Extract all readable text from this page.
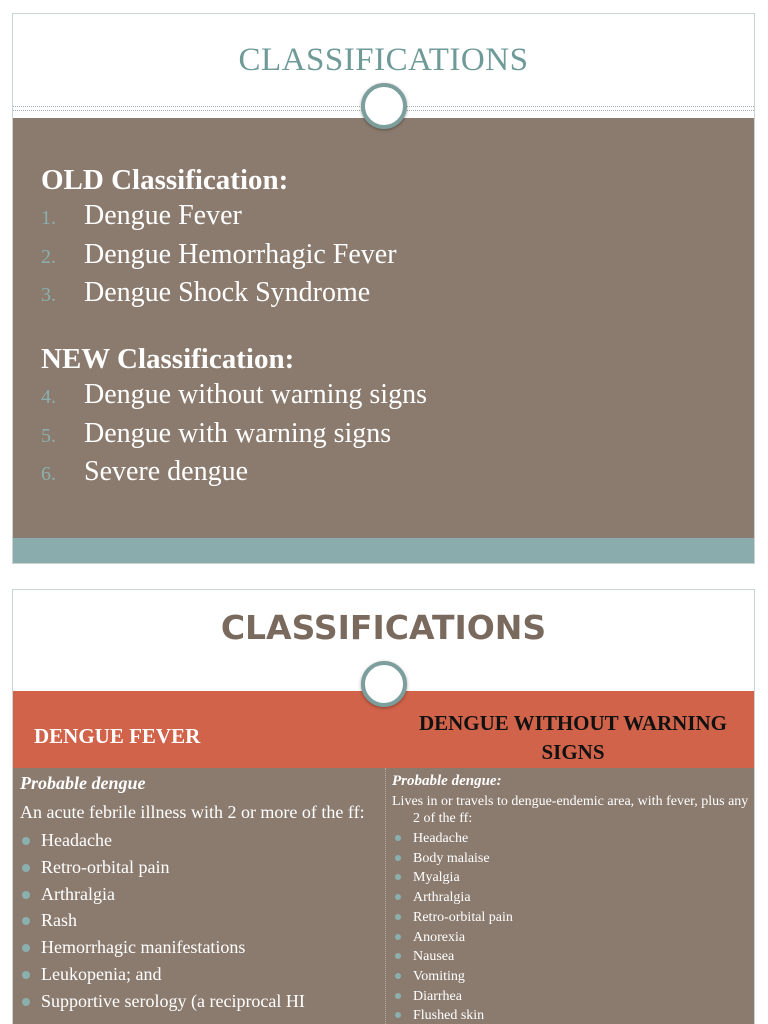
CLASSIFICATIONS
OLD Classification:
1.	Dengue Fever
2.	Dengue Hemorrhagic Fever
3.	Dengue Shock Syndrome
NEW Classification:
4.	Dengue without warning signs
5.	Dengue with warning signs
6.	Severe dengue
CLASSIFICATIONS
DENGUE FEVER
DENGUE WITHOUT WARNING SIGNS
Probable dengue
An acute febrile illness with 2 or more of the ff:
Headache
Retro-orbital pain
Arthralgia
Rash
Hemorrhagic manifestations
Leukopenia; and
Supportive serology (a reciprocal HI
Probable dengue:
Lives in or travels to dengue-endemic area, with fever, plus any 2 of the ff:
Headache
Body malaise
Myalgia
Arthralgia
Retro-orbital pain
Anorexia
Nausea
Vomiting
Diarrhea
Flushed skin
